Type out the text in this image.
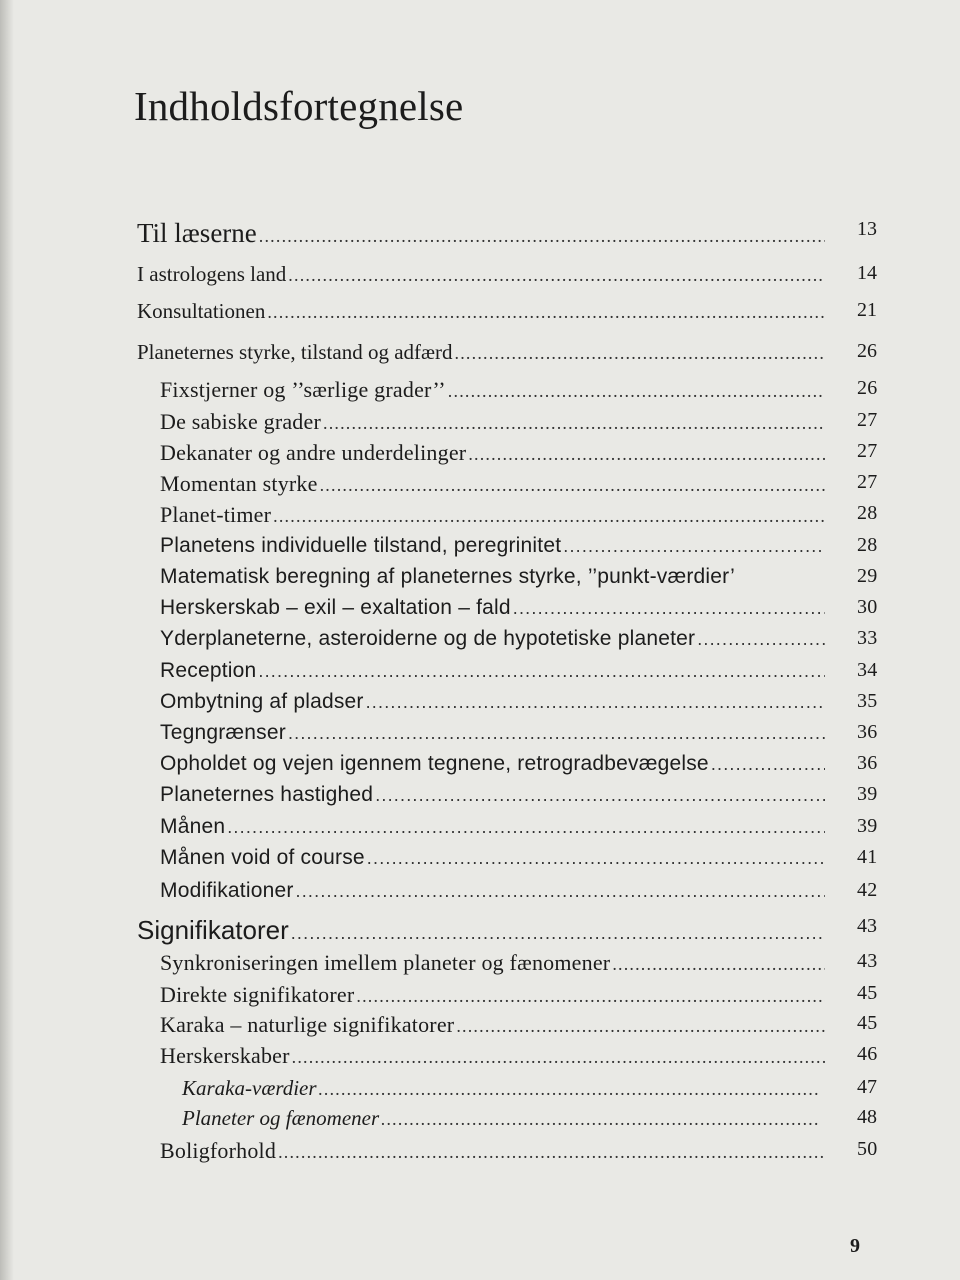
Indholdsfortegnelse
Til læserne .....	13
I astrologens land .....	14
Konsultationen .....	21
Planeternes styrke, tilstand og adfærd .....	26
Fixstjerner og ’’særlige grader’’ .....	26
De sabiske grader .....	27
Dekanater og andre underdelinger .....	27
Momentan styrke .....	27
Planet-timer .....	28
Planetens individuelle tilstand, peregrinitet .....	28
Matematisk beregning af planeternes styrke, ’’punkt-værdier’	29
Herskerskab – exil – exaltation – fald .....	30
Yderplaneterne, asteroiderne og de hypotetiske planeter .....	33
Reception .....	34
Ombytning af pladser .....	35
Tegngrænser .....	36
Opholdet og vejen igennem tegnene, retrogradbevægelse .....	36
Planeternes hastighed .....	39
Månen .....	39
Månen void of course .....	41
Modifikationer .....	42
Signifikatorer .....	43
Synkroniseringen imellem planeter og fænomener .....	43
Direkte signifikatorer .....	45
Karaka – naturlige signifikatorer .....	45
Herskerskaber .....	46
Karaka-værdier .....	47
Planeter og fænomener .....	48
Boligforhold .....	50
9
